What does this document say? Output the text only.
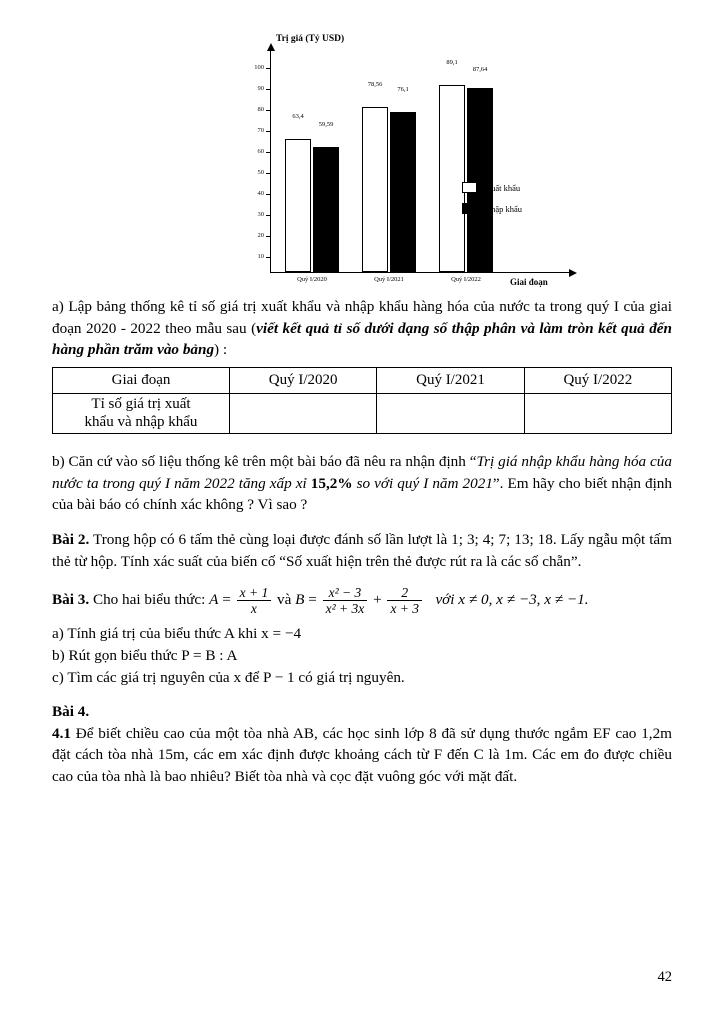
Trị giá (Tỷ USD)
Giai đoạn
100
90
80
70
60
50
40
30
20
10
63,4
59,59
Quý I/2020
78,56
76,1
Quý I/2021
89,1
87,64
Quý I/2022
Xuất khẩu
Nhập khẩu

a) Lập bảng thống kê tỉ số giá trị xuất khẩu và nhập khẩu hàng hóa của nước ta trong quý I của giai đoạn 2020 - 2022 theo mẫu sau (viết kết quả tỉ số dưới dạng số thập phân và làm tròn kết quả đến hàng phần trăm vào bảng) :

Giai đoạn	Quý I/2020	Quý I/2021	Quý I/2022
Tỉ số giá trị xuất
khẩu và nhập khẩu			

b) Căn cứ vào số liệu thống kê trên một bài báo đã nêu ra nhận định “Trị giá nhập khẩu hàng hóa của nước ta trong quý I năm 2022 tăng xấp xỉ 15,2% so với quý I năm 2021”. Em hãy cho biết nhận định của bài báo có chính xác không ? Vì sao ?

Bài 2. Trong hộp có 6 tấm thẻ cùng loại được đánh số lần lượt là 1; 3; 4; 7; 13; 18. Lấy ngẫu một tấm thẻ từ hộp. Tính xác suất của biến cố “Số xuất hiện trên thẻ được rút ra là các số chẵn”.

Bài 3. Cho hai biểu thức: $A = \frac{x + 1}{x}$ và $B = \frac{\text{x² − 3}}{\text{x² + 3x}} + \frac{2}{x + 3}$ với x ≠ 0, x ≠ −3, x ≠ −1.

a) Tính giá trị của biểu thức A khi x = −4

b) Rút gọn biểu thức P = B : A

c) Tìm các giá trị nguyên của x để P − 1 có giá trị nguyên.

Bài 4.

4.1 Để biết chiều cao của một tòa nhà AB, các học sinh lớp 8 đã sử dụng thước ngắm EF cao 1,2m đặt cách tòa nhà 15m, các em xác định được khoảng cách từ F đến C là 1m. Các em đo được chiều cao của tòa nhà là bao nhiêu? Biết tòa nhà và cọc đặt vuông góc với mặt đất.

42
